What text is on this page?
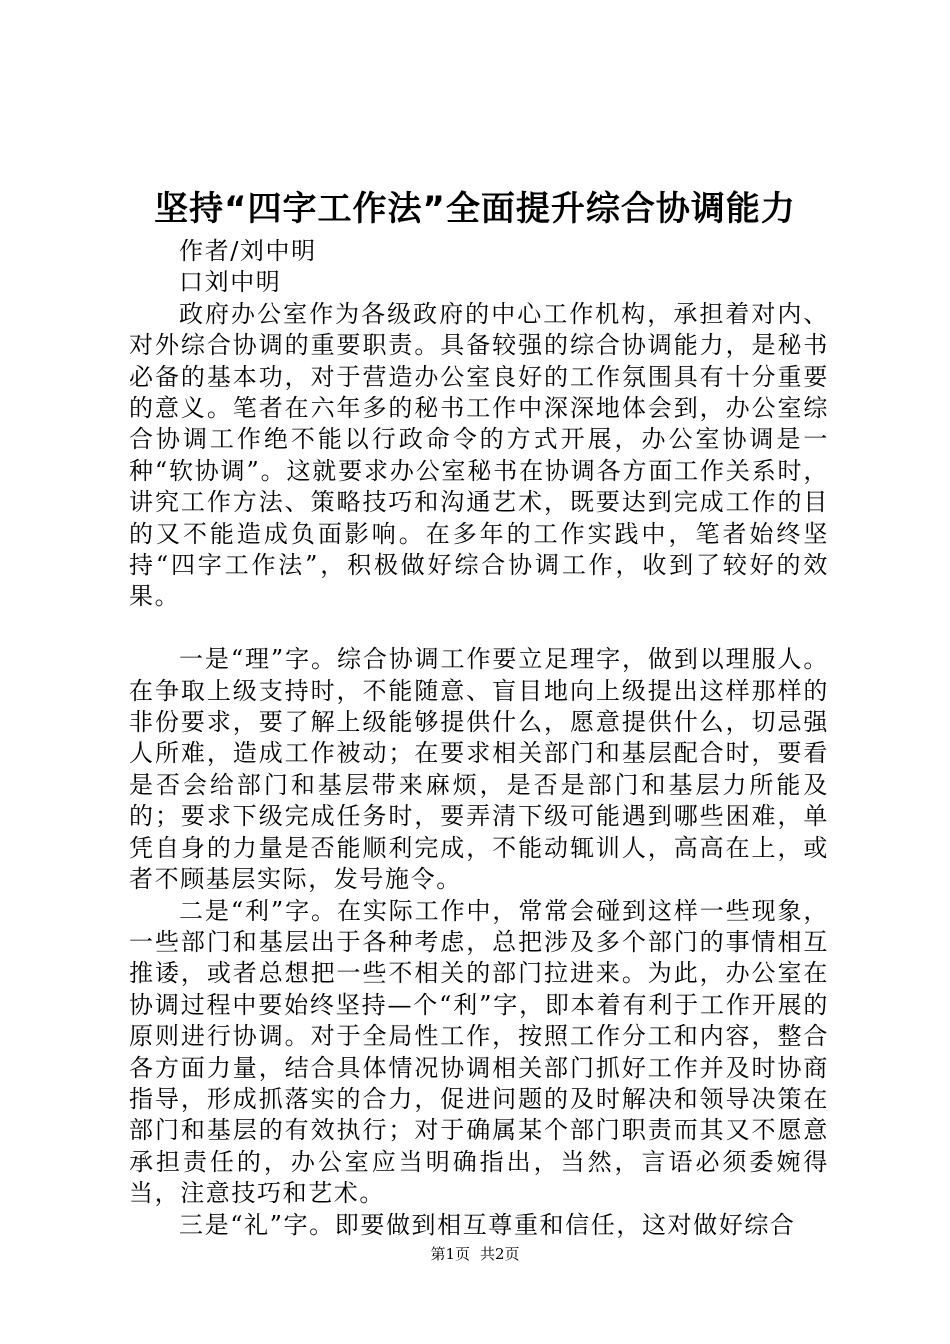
坚持“四字工作法”全面提升综合协调能力

作者/刘中明

口刘中明

政府办公室作为各级政府的中心工作机构，承担着对内、对外综合协调的重要职责。具备较强的综合协调能力，是秘书必备的基本功，对于营造办公室良好的工作氛围具有十分重要的意义。笔者在六年多的秘书工作中深深地体会到，办公室综合协调工作绝不能以行政命令的方式开展，办公室协调是一种“软协调”。这就要求办公室秘书在协调各方面工作关系时，讲究工作方法、策略技巧和沟通艺术，既要达到完成工作的目的又不能造成负面影响。在多年的工作实践中，笔者始终坚持“四字工作法”，积极做好综合协调工作，收到了较好的效果。

一是“理”字。综合协调工作要立足理字，做到以理服人。在争取上级支持时，不能随意、盲目地向上级提出这样那样的非份要求，要了解上级能够提供什么，愿意提供什么，切忌强人所难，造成工作被动；在要求相关部门和基层配合时，要看是否会给部门和基层带来麻烦，是否是部门和基层力所能及的；要求下级完成任务时，要弄清下级可能遇到哪些困难，单凭自身的力量是否能顺利完成，不能动辄训人，高高在上，或者不顾基层实际，发号施令。

二是“利”字。在实际工作中，常常会碰到这样一些现象，一些部门和基层出于各种考虑，总把涉及多个部门的事情相互推诿，或者总想把一些不相关的部门拉进来。为此，办公室在协调过程中要始终坚持—个“利”字，即本着有利于工作开展的原则进行协调。对于全局性工作，按照工作分工和内容，整合各方面力量，结合具体情况协调相关部门抓好工作并及时协商指导，形成抓落实的合力，促进问题的及时解决和领导决策在部门和基层的有效执行；对于确属某个部门职责而其又不愿意承担责任的，办公室应当明确指出，当然，言语必须委婉得当，注意技巧和艺术。

三是“礼”字。即要做到相互尊重和信任，这对做好综合

第1页 共2页
